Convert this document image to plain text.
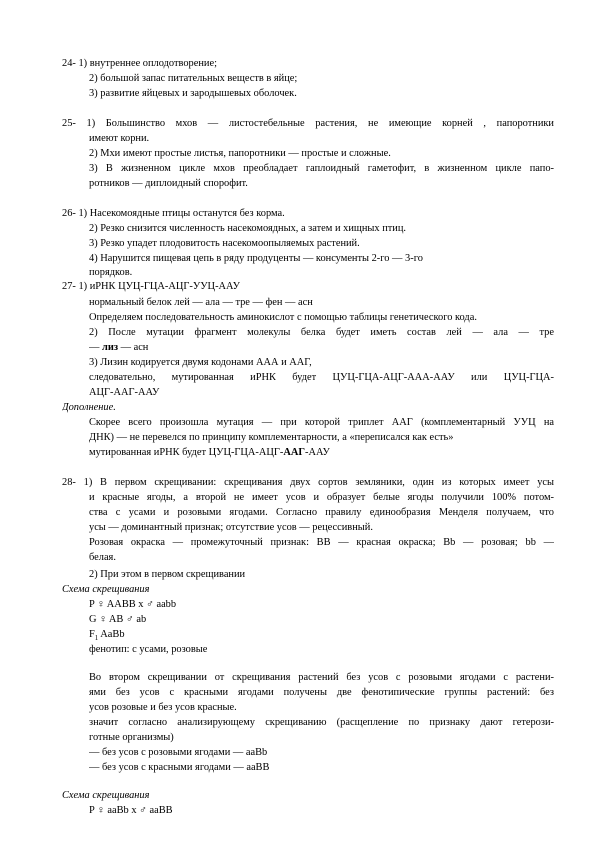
24- 1) внутреннее оплодотворение;
2) большой запас питательных веществ в яйце;
3) развитие яйцевых и зародышевых оболочек.
25- 1) Большинство мхов — листостебельные растения, не имеющие корней , папоротники
имеют корни.
2) Мхи имеют простые листья, папоротники — простые и сложные.
3) В жизненном цикле мхов преобладает гаплоидный гаметофит, в жизненном цикле папо-
ротников — диплоидный спорофит.
26- 1) Насекомоядные птицы останутся без корма.
2) Резко снизится численность насекомоядных, а затем и хищных птиц.
3) Резко упадет плодовитость насекомоопыляемых растений.
4) Нарушится пищевая цепь в ряду продуценты — консументы 2-го — 3-го
порядков.
27- 1) иРНК ЦУЦ-ГЦА-АЦГ-УУЦ-ААУ
нормальный белок лей — ала — тре — фен — асн
Определяем последовательность аминокислот с помощью таблицы генетического кода.
2) После мутации фрагмент молекулы белка будет иметь состав лей — ала — тре
— лиз — асн
3) Лизин кодируется двумя кодонами ААА и ААГ,
следовательно, мутированная иРНК будет ЦУЦ-ГЦА-АЦГ-ААА-ААУ или ЦУЦ-ГЦА-
АЦГ-ААГ-ААУ
Дополнение.
Скорее всего произошла мутация — при которой триплет ААГ (комплементарный УУЦ на
ДНК) — не перевелся по принципу комплементарности, а «переписался как есть»
мутированная иРНК будет ЦУЦ-ГЦА-АЦГ-ААГ-ААУ
28- 1) В первом скрещивании: скрещивания двух сортов земляники, один из которых имеет усы
и красные ягоды, а второй не имеет усов и образует белые ягоды получили 100% потом-
ства с усами и розовыми ягодами. Согласно правилу единообразия Менделя получаем, что
усы — доминантный признак; отсутствие усов — рецессивный.
Розовая окраска — промежуточный признак: ВВ — красная окраска; Bb — розовая; bb —
белая.
2) При этом в первом скрещивании
Схема скрещивания
P ♀ AABB x ♂ aabb
G ♀ AB ♂ ab
$F_1$ AaBb
фенотип: с усами, розовые
Во втором скрещивании от скрещивания растений без усов с розовыми ягодами с растени-
ями без усов с красными ягодами получены две фенотипические группы растений: без
усов розовые и без усов красные.
значит согласно анализирующему скрещиванию (расщепление по признаку дают гетерози-
готные организмы)
— без усов с розовыми ягодами — aaBb
— без усов с красными ягодами — aaBB
Схема скрещивания
P ♀ aaBb x ♂ aaBB
